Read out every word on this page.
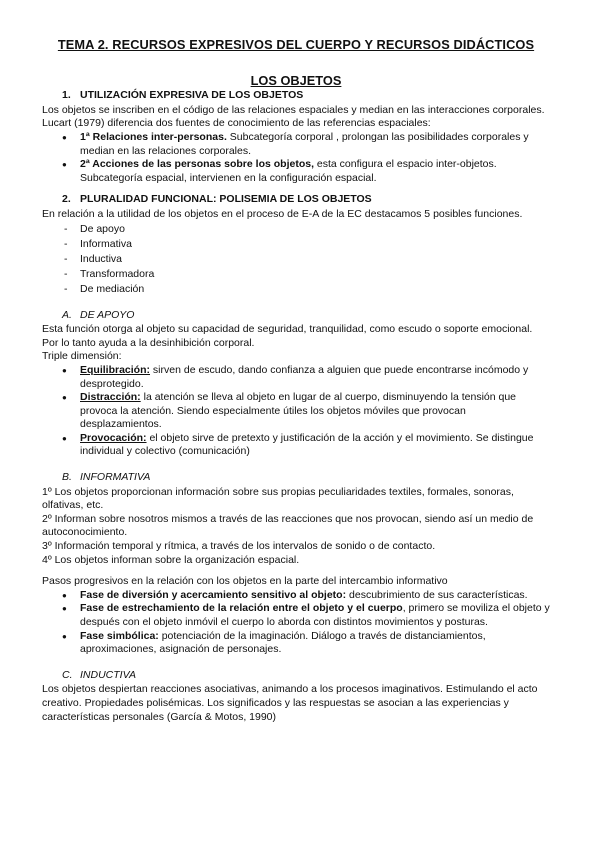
TEMA 2. RECURSOS EXPRESIVOS DEL CUERPO Y RECURSOS DIDÁCTICOS
LOS OBJETOS
1. UTILIZACIÓN EXPRESIVA DE LOS OBJETOS

Los objetos se inscriben en el código de las relaciones espaciales y median en las interacciones corporales.

Lucart (1979) diferencia dos fuentes de conocimiento de las referencias espaciales:

● 1ª Relaciones inter-personas. Subcategoría corporal , prolongan las posibilidades corporales y median en las relaciones corporales.
● 2ª Acciones de las personas sobre los objetos, esta configura el espacio inter-objetos. Subcategoría espacial, intervienen en la configuración espacial.
2. PLURALIDAD FUNCIONAL: POLISEMIA DE LOS OBJETOS

En relación a la utilidad de los objetos en el proceso de E-A de la EC destacamos 5 posibles funciones.

- De apoyo
- Informativa
- Inductiva
- Transformadora
- De mediación
A. DE APOYO

Esta función otorga al objeto su capacidad de seguridad, tranquilidad, como escudo o soporte emocional. Por lo tanto ayuda a la desinhibición corporal.

Triple dimensión:

● Equilibración: sirven de escudo, dando confianza a alguien que puede encontrarse incómodo y desprotegido.
● Distracción: la atención se lleva al objeto en lugar de al cuerpo, disminuyendo la tensión que provoca la atención. Siendo especialmente útiles los objetos móviles que provocan desplazamientos.
● Provocación: el objeto sirve de pretexto y justificación de la acción y el movimiento. Se distingue individual y colectivo (comunicación)
B. INFORMATIVA

1º Los objetos proporcionan información sobre sus propias peculiaridades textiles, formales, sonoras, olfativas, etc.

2º Informan sobre nosotros mismos a través de las reacciones que nos provocan, siendo así un medio de autoconocimiento.

3º Información temporal y rítmica, a través de los intervalos de sonido o de contacto.

4º Los objetos informan sobre la organización espacial.

Pasos progresivos en la relación con los objetos en la parte del intercambio informativo

● Fase de diversión y acercamiento sensitivo al objeto: descubrimiento de sus características.
● Fase de estrechamiento de la relación entre el objeto y el cuerpo, primero se moviliza el objeto y después con el objeto inmóvil el cuerpo lo aborda con distintos movimientos y posturas.
● Fase simbólica: potenciación de la imaginación. Diálogo a través de distanciamientos, aproximaciones, asignación de personajes.
C. INDUCTIVA

Los objetos despiertan reacciones asociativas, animando a los procesos imaginativos. Estimulando el acto creativo. Propiedades polisémicas. Los significados y las respuestas se asocian a las experiencias y características personales (García & Motos, 1990)
